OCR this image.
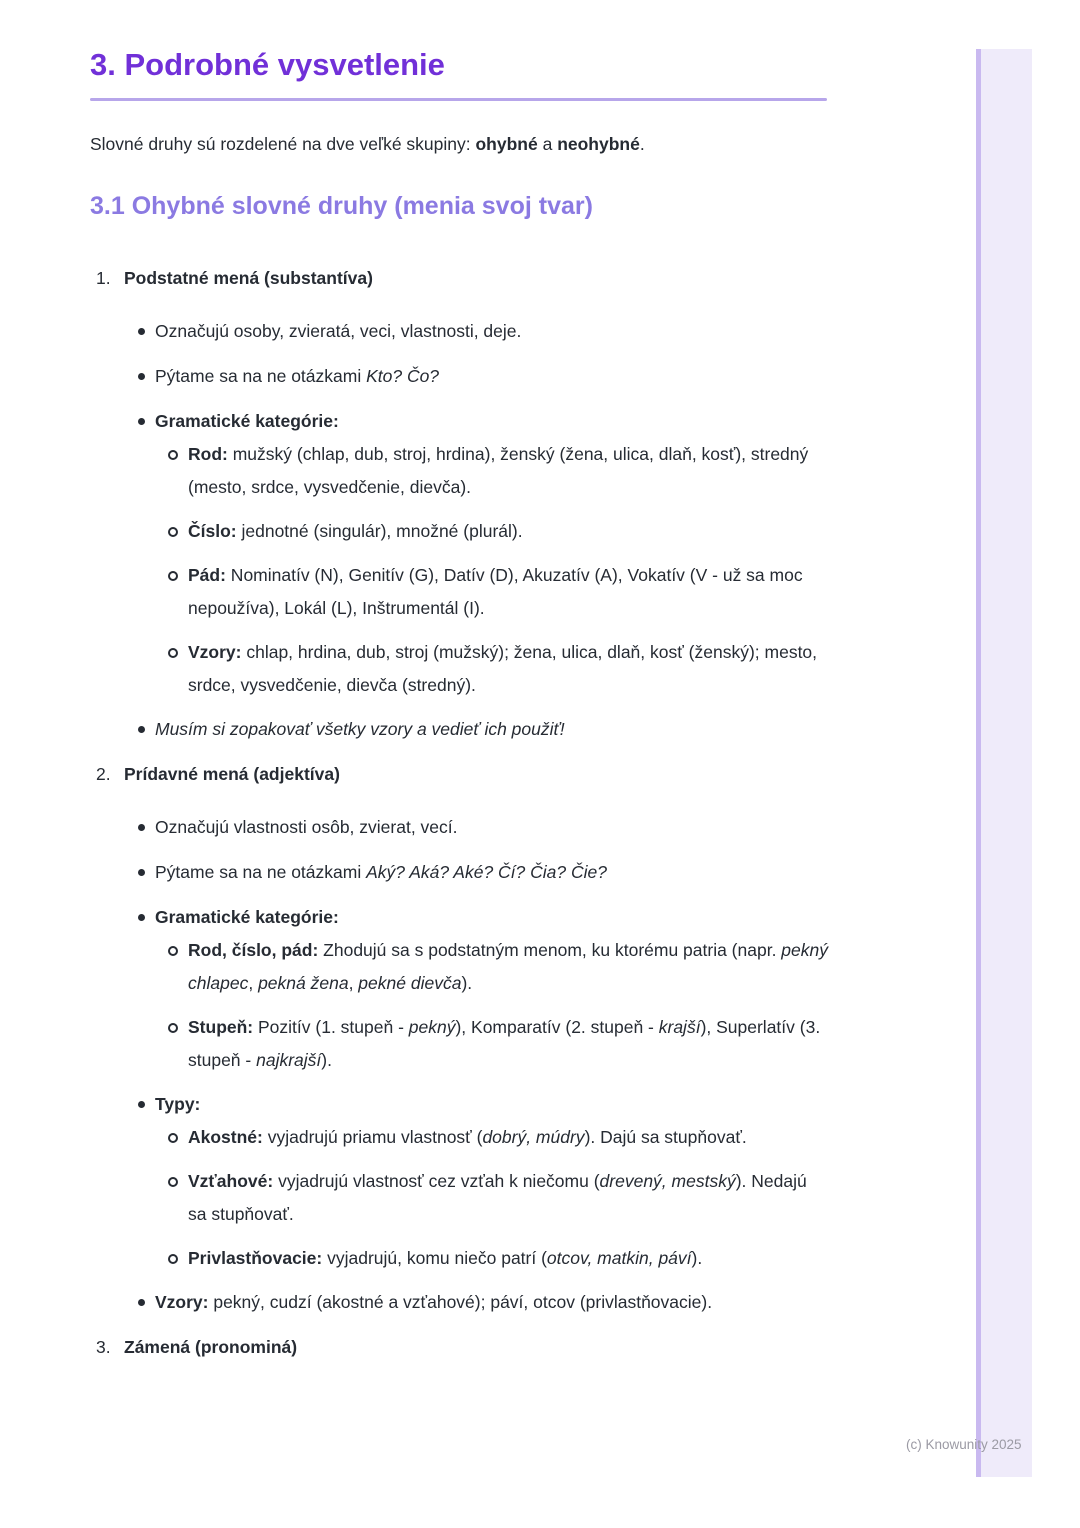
3. Podrobné vysvetlenie

Slovné druhy sú rozdelené na dve veľké skupiny: ohybné a neohybné.

3.1 Ohybné slovné druhy (menia svoj tvar)
1. Podstatné mená (substantíva)
Označujú osoby, zvieratá, veci, vlastnosti, deje.
Pýtame sa na ne otázkami Kto? Čo?
Gramatické kategórie:
Rod: mužský (chlap, dub, stroj, hrdina), ženský (žena, ulica, dlaň, kosť), stredný (mesto, srdce, vysvedčenie, dievča).
Číslo: jednotné (singulár), množné (plurál).
Pád: Nominatív (N), Genitív (G), Datív (D), Akuzatív (A), Vokatív (V - už sa moc nepoužíva), Lokál (L), Inštrumentál (I).
Vzory: chlap, hrdina, dub, stroj (mužský); žena, ulica, dlaň, kosť (ženský); mesto, srdce, vysvedčenie, dievča (stredný).
Musím si zopakovať všetky vzory a vedieť ich použiť!
2. Prídavné mená (adjektíva)
Označujú vlastnosti osôb, zvierat, vecí.
Pýtame sa na ne otázkami Aký? Aká? Aké? Čí? Čia? Čie?
Gramatické kategórie:
Rod, číslo, pád: Zhodujú sa s podstatným menom, ku ktorému patria (napr. pekný chlapec, pekná žena, pekné dievča).
Stupeň: Pozitív (1. stupeň - pekný), Komparatív (2. stupeň - krajší), Superlatív (3. stupeň - najkrajší).
Typy:
Akostné: vyjadrujú priamu vlastnosť (dobrý, múdry). Dajú sa stupňovať.
Vzťahové: vyjadrujú vlastnosť cez vzťah k niečomu (drevený, mestský). Nedajú sa stupňovať.
Privlastňovacie: vyjadrujú, komu niečo patrí (otcov, matkin, páví).
Vzory: pekný, cudzí (akostné a vzťahové); páví, otcov (privlastňovacie).
3. Zámená (pronominá)
(c) Knowunity 2025
